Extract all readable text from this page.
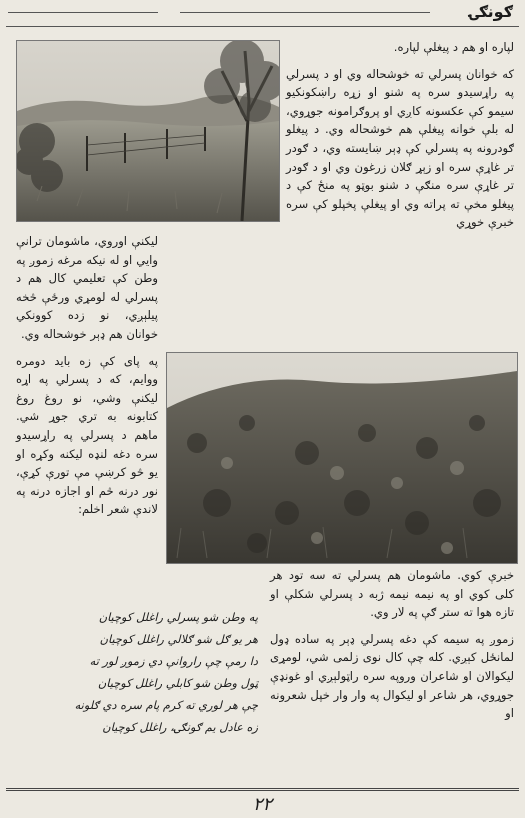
ګونګۍ

لپاره او هم د پيغلې لپاره.

که خوانان پسرلي ته خوشحاله وي او د پسرلي په راړسيدو سره په شنو او زړه راښکونکيو سيمو کې عکسونه کاږي او پروګرامونه جوړوي، له بلې خوانه پيغلې هم خوشحاله وي. د پيغلو ګودرونه په پسرلي کې ډېر ښايسته وي، د ګودر تر غاړې سره او زېړ ګلان زرغون وي او د ګودر تر غاړې سره منګې د شنو بوټو په منځ کې د پيغلو مخې ته پراته وي او پيغلې پخپلو کې سره خبرې خوړي

ليکنې اوروي، ماشومان ترانې وايي او له نيکه مرغه زموږ په وطن کې تعليمي کال هم د پسرلي له لومړي ورځې څخه پيلېږي، نو زده کوونکي خوانان هم ډېر خوشحاله وي.

په پای کې زه بايد دومره ووايم، که د پسرلي په اړه ليکنې وشي، نو روغ روغ کتابونه به تري جوړ شي. ماهم د پسرلي په راړسيدو سره دغه لنډه ليکنه وکړه او يو څو کرښې مې تورې کړې، نور درنه څم او اجازه درنه په لاندې شعر اخلم:

په وطن شو پسرلي راغلل کوچيان
هر يو ګل شو ګلالي راغلل کوچيان
دا رمې چې راروانې دي زموږ لور ته
ټول وطن شو کابلي راغلل کوچيان
چې هر لوري ته کرم پام سره دي ګلونه
زه عادل يم ګونګۍ، راغلل کوچيان

خبرې کوي. ماشومان هم پسرلي ته سه تود هر کلی کوي او په نيمه نيمه ژبه د پسرلي شکلې او تازه هوا ته ستر ګې په لار وي.

زموږ په سيمه کې دغه پسرلي ډېر په ساده ډول لمانځل کېږي. کله چې کال نوی زلمی شي، لومړی ليکوالان او شاعران وروپه سره راټولېږي او غونډې جوړوي، هر شاعر او ليکوال په وار وار خپل شعرونه او

۲۲
